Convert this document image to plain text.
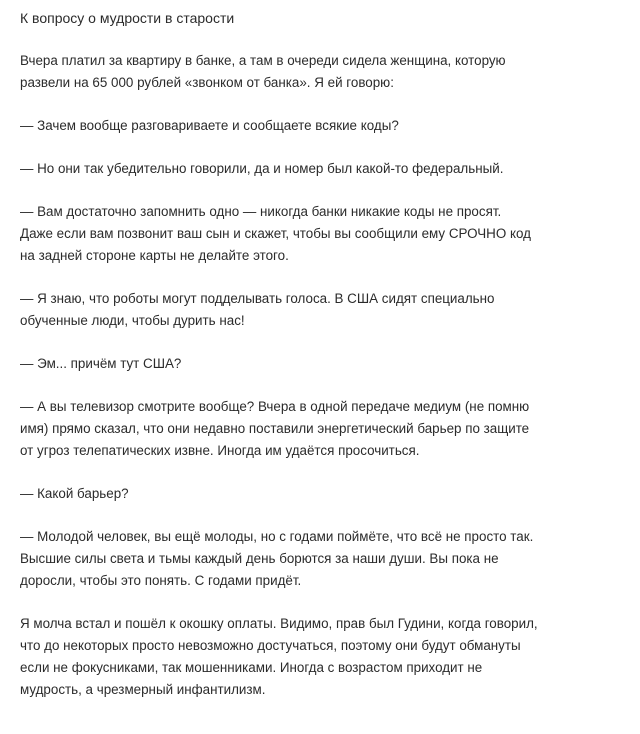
К вопросу о мудрости в старости
Вчера платил за квартиру в банке, а там в очереди сидела женщина, которую
развели на 65 000 рублей «звонком от банка». Я ей говорю:
— Зачем вообще разговариваете и сообщаете всякие коды?
— Но они так убедительно говорили, да и номер был какой-то федеральный.
— Вам достаточно запомнить одно — никогда банки никакие коды не просят.
Даже если вам позвонит ваш сын и скажет, чтобы вы сообщили ему СРОЧНО код
на задней стороне карты не делайте этого.
— Я знаю, что роботы могут подделывать голоса. В США сидят специально
обученные люди, чтобы дурить нас!
— Эм... причём тут США?
— А вы телевизор смотрите вообще? Вчера в одной передаче медиум (не помню
имя) прямо сказал, что они недавно поставили энергетический барьер по защите
от угроз телепатических извне. Иногда им удаётся просочиться.
— Какой барьер?
— Молодой человек, вы ещё молоды, но с годами поймёте, что всё не просто так.
Высшие силы света и тьмы каждый день борются за наши души. Вы пока не
доросли, чтобы это понять. С годами придёт.
Я молча встал и пошёл к окошку оплаты. Видимо, прав был Гудини, когда говорил,
что до некоторых просто невозможно достучаться, поэтому они будут обмануты
если не фокусниками, так мошенниками. Иногда с возрастом приходит не
мудрость, а чрезмерный инфантилизм.
